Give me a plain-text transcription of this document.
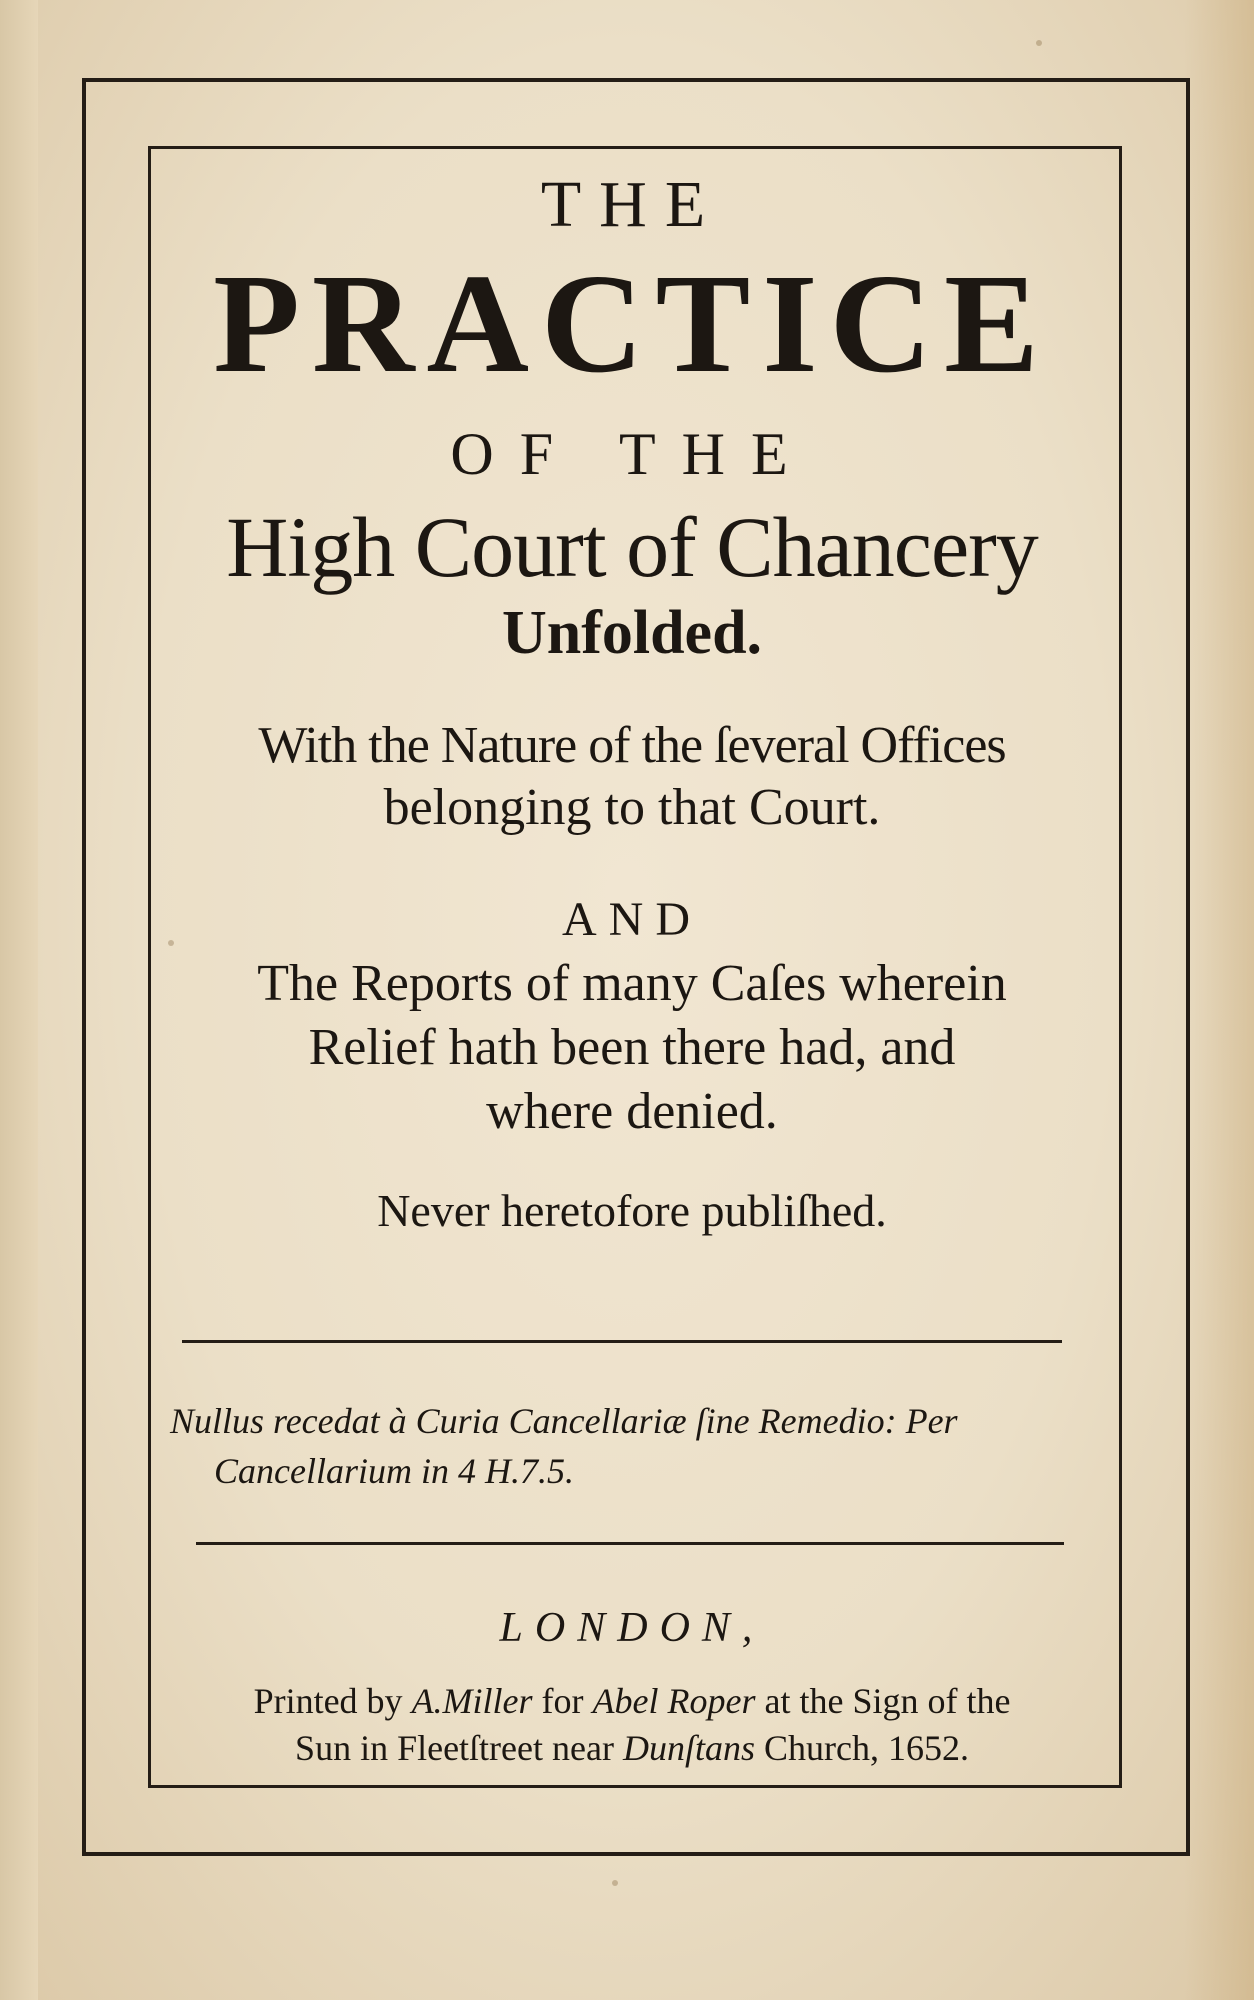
THE

PRACTICE

OF THE

High Court of Chancery

Unfolded.

With the Nature of the ſeveral Offices

belonging to that Court.

AND

The Reports of many Caſes wherein

Relief hath been there had, and

where denied.

Never heretofore publiſhed.

Nullus recedat à Curia Cancellariæ ſine Remedio: Per
Cancellarium in 4 H.7.5.
LONDON,
Printed by A.Miller for Abel Roper at the Sign of the
Sun in Fleetſtreet near Dunſtans Church, 1652.
